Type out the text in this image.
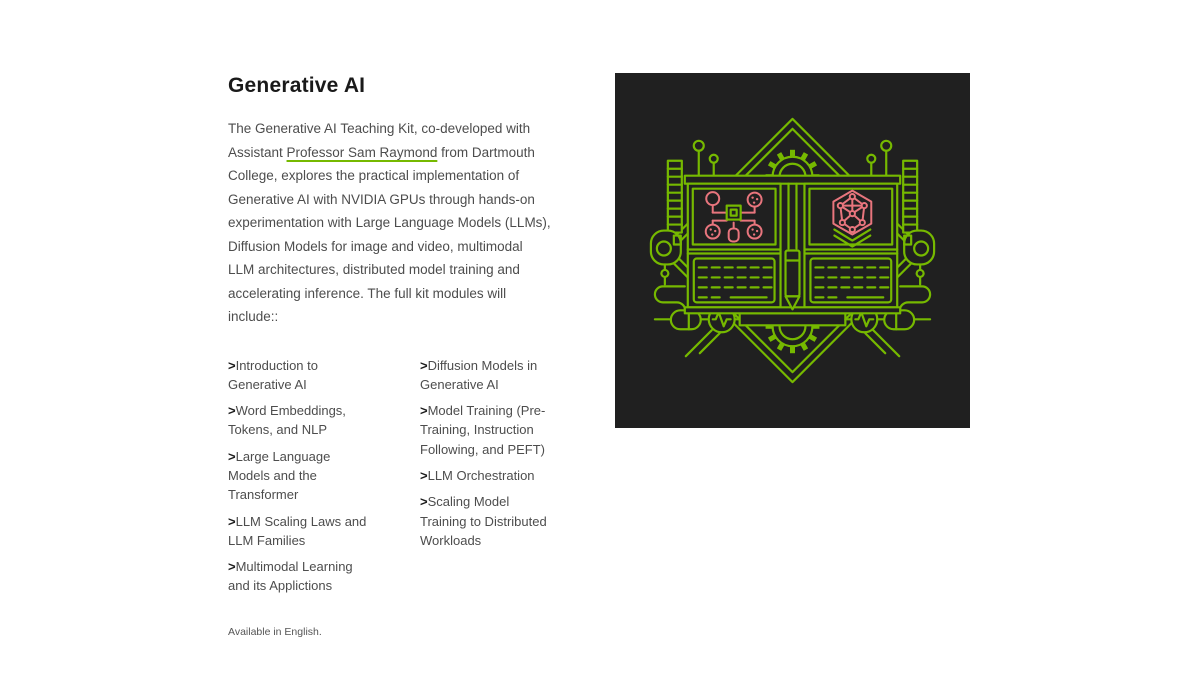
Generative AI

The Generative AI Teaching Kit, co-developed with
Assistant Professor Sam Raymond from Dartmouth
College, explores the practical implementation of
Generative AI with NVIDIA GPUs through hands-on
experimentation with Large Language Models (LLMs),
Diffusion Models for image and video, multimodal
LLM architectures, distributed model training and
accelerating inference. The full kit modules will
include::

>Introduction to
Generative AI
>Word Embeddings,
Tokens, and NLP
>Large Language
Models and the
Transformer
>LLM Scaling Laws and
LLM Families
>Multimodal Learning
and its Applictions
>Diffusion Models in
Generative AI
>Model Training (Pre-
Training, Instruction
Following, and PEFT)
>LLM Orchestration
>Scaling Model
Training to Distributed
Workloads

Available in English.
